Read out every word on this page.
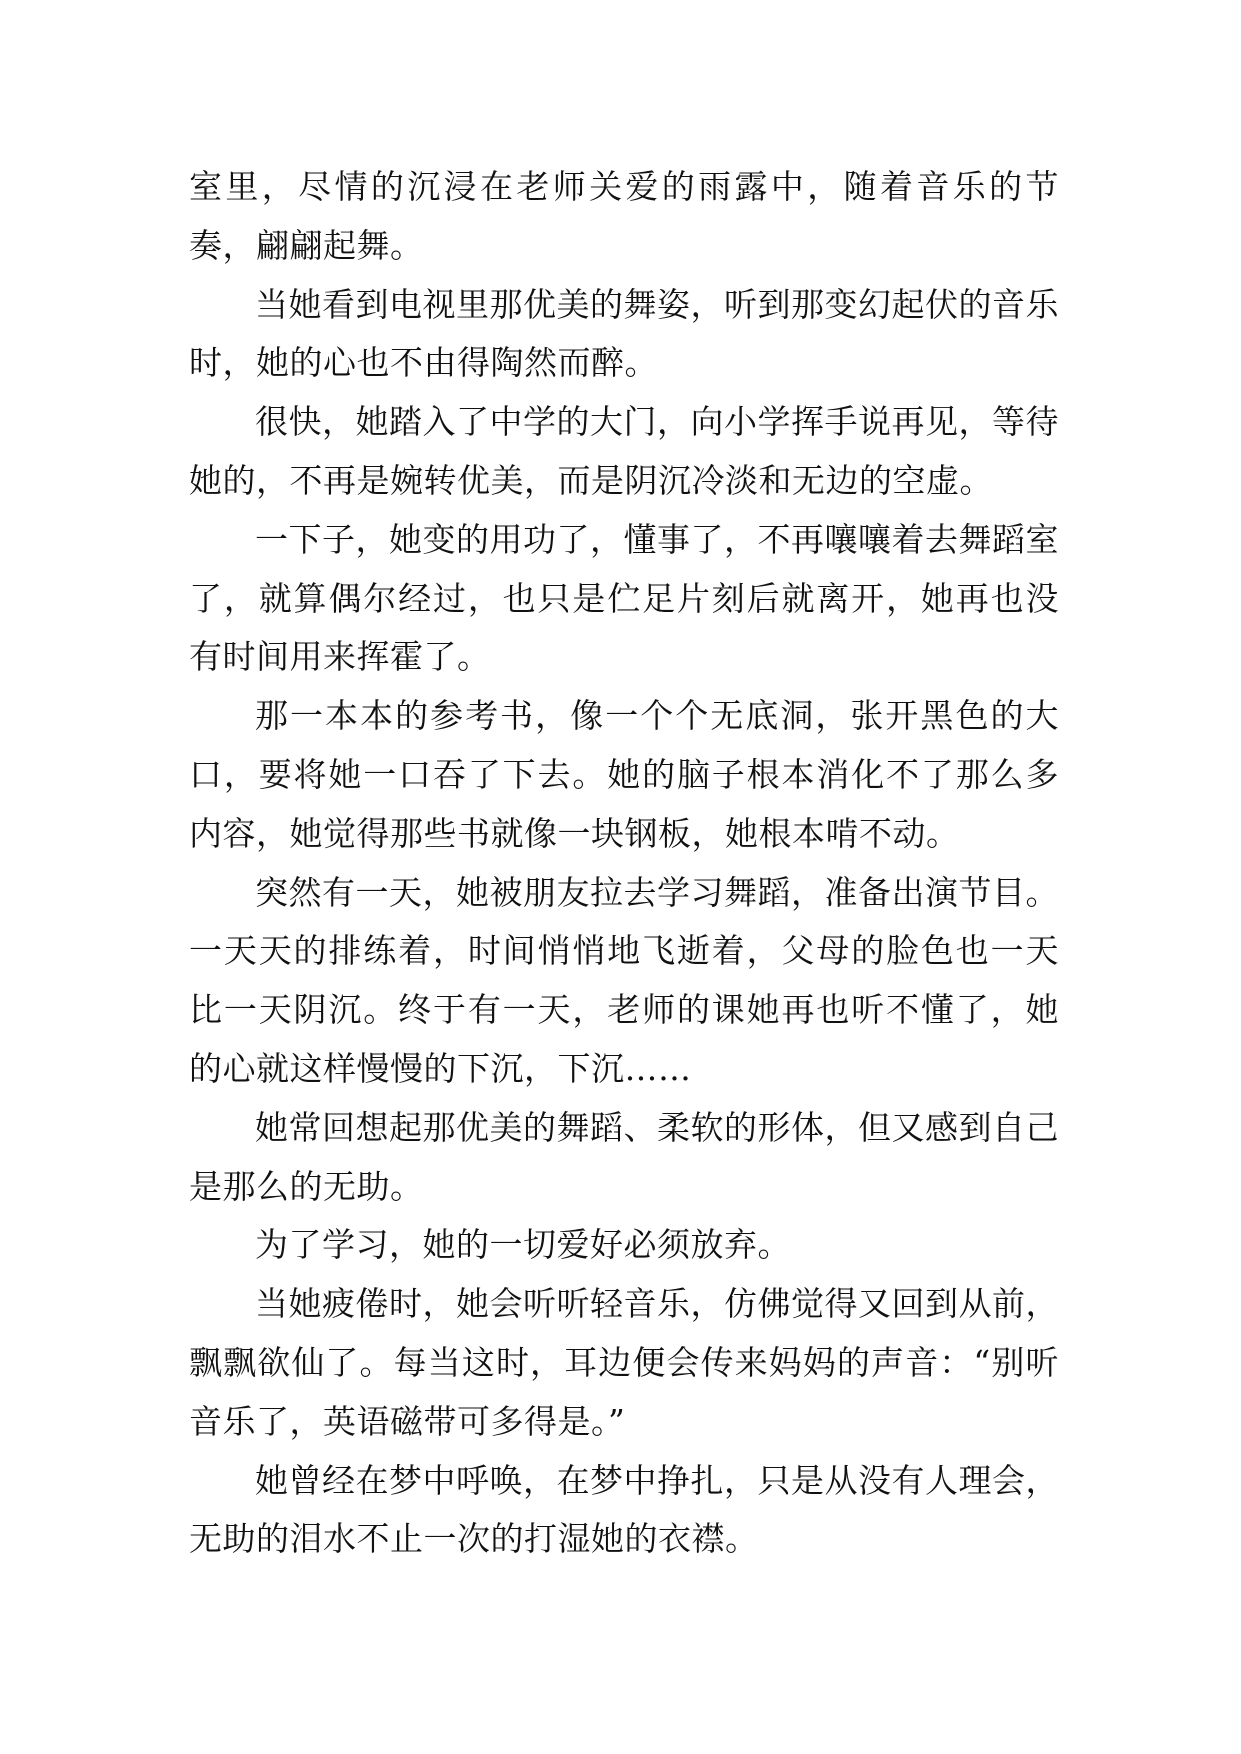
室里，尽情的沉浸在老师关爱的雨露中，随着音乐的节奏，翩翩起舞。

当她看到电视里那优美的舞姿，听到那变幻起伏的音乐时，她的心也不由得陶然而醉。

很快，她踏入了中学的大门，向小学挥手说再见，等待她的，不再是婉转优美，而是阴沉冷淡和无边的空虚。

一下子，她变的用功了，懂事了，不再嚷嚷着去舞蹈室了，就算偶尔经过，也只是伫足片刻后就离开，她再也没有时间用来挥霍了。

那一本本的参考书，像一个个无底洞，张开黑色的大口，要将她一口吞了下去。她的脑子根本消化不了那么多内容，她觉得那些书就像一块钢板，她根本啃不动。

突然有一天，她被朋友拉去学习舞蹈，准备出演节目。一天天的排练着，时间悄悄地飞逝着，父母的脸色也一天比一天阴沉。终于有一天，老师的课她再也听不懂了，她的心就这样慢慢的下沉，下沉……

她常回想起那优美的舞蹈、柔软的形体，但又感到自己是那么的无助。

为了学习，她的一切爱好必须放弃。

当她疲倦时，她会听听轻音乐，仿佛觉得又回到从前，飘飘欲仙了。每当这时，耳边便会传来妈妈的声音：“别听音乐了，英语磁带可多得是。”

她曾经在梦中呼唤，在梦中挣扎，只是从没有人理会，无助的泪水不止一次的打湿她的衣襟。
